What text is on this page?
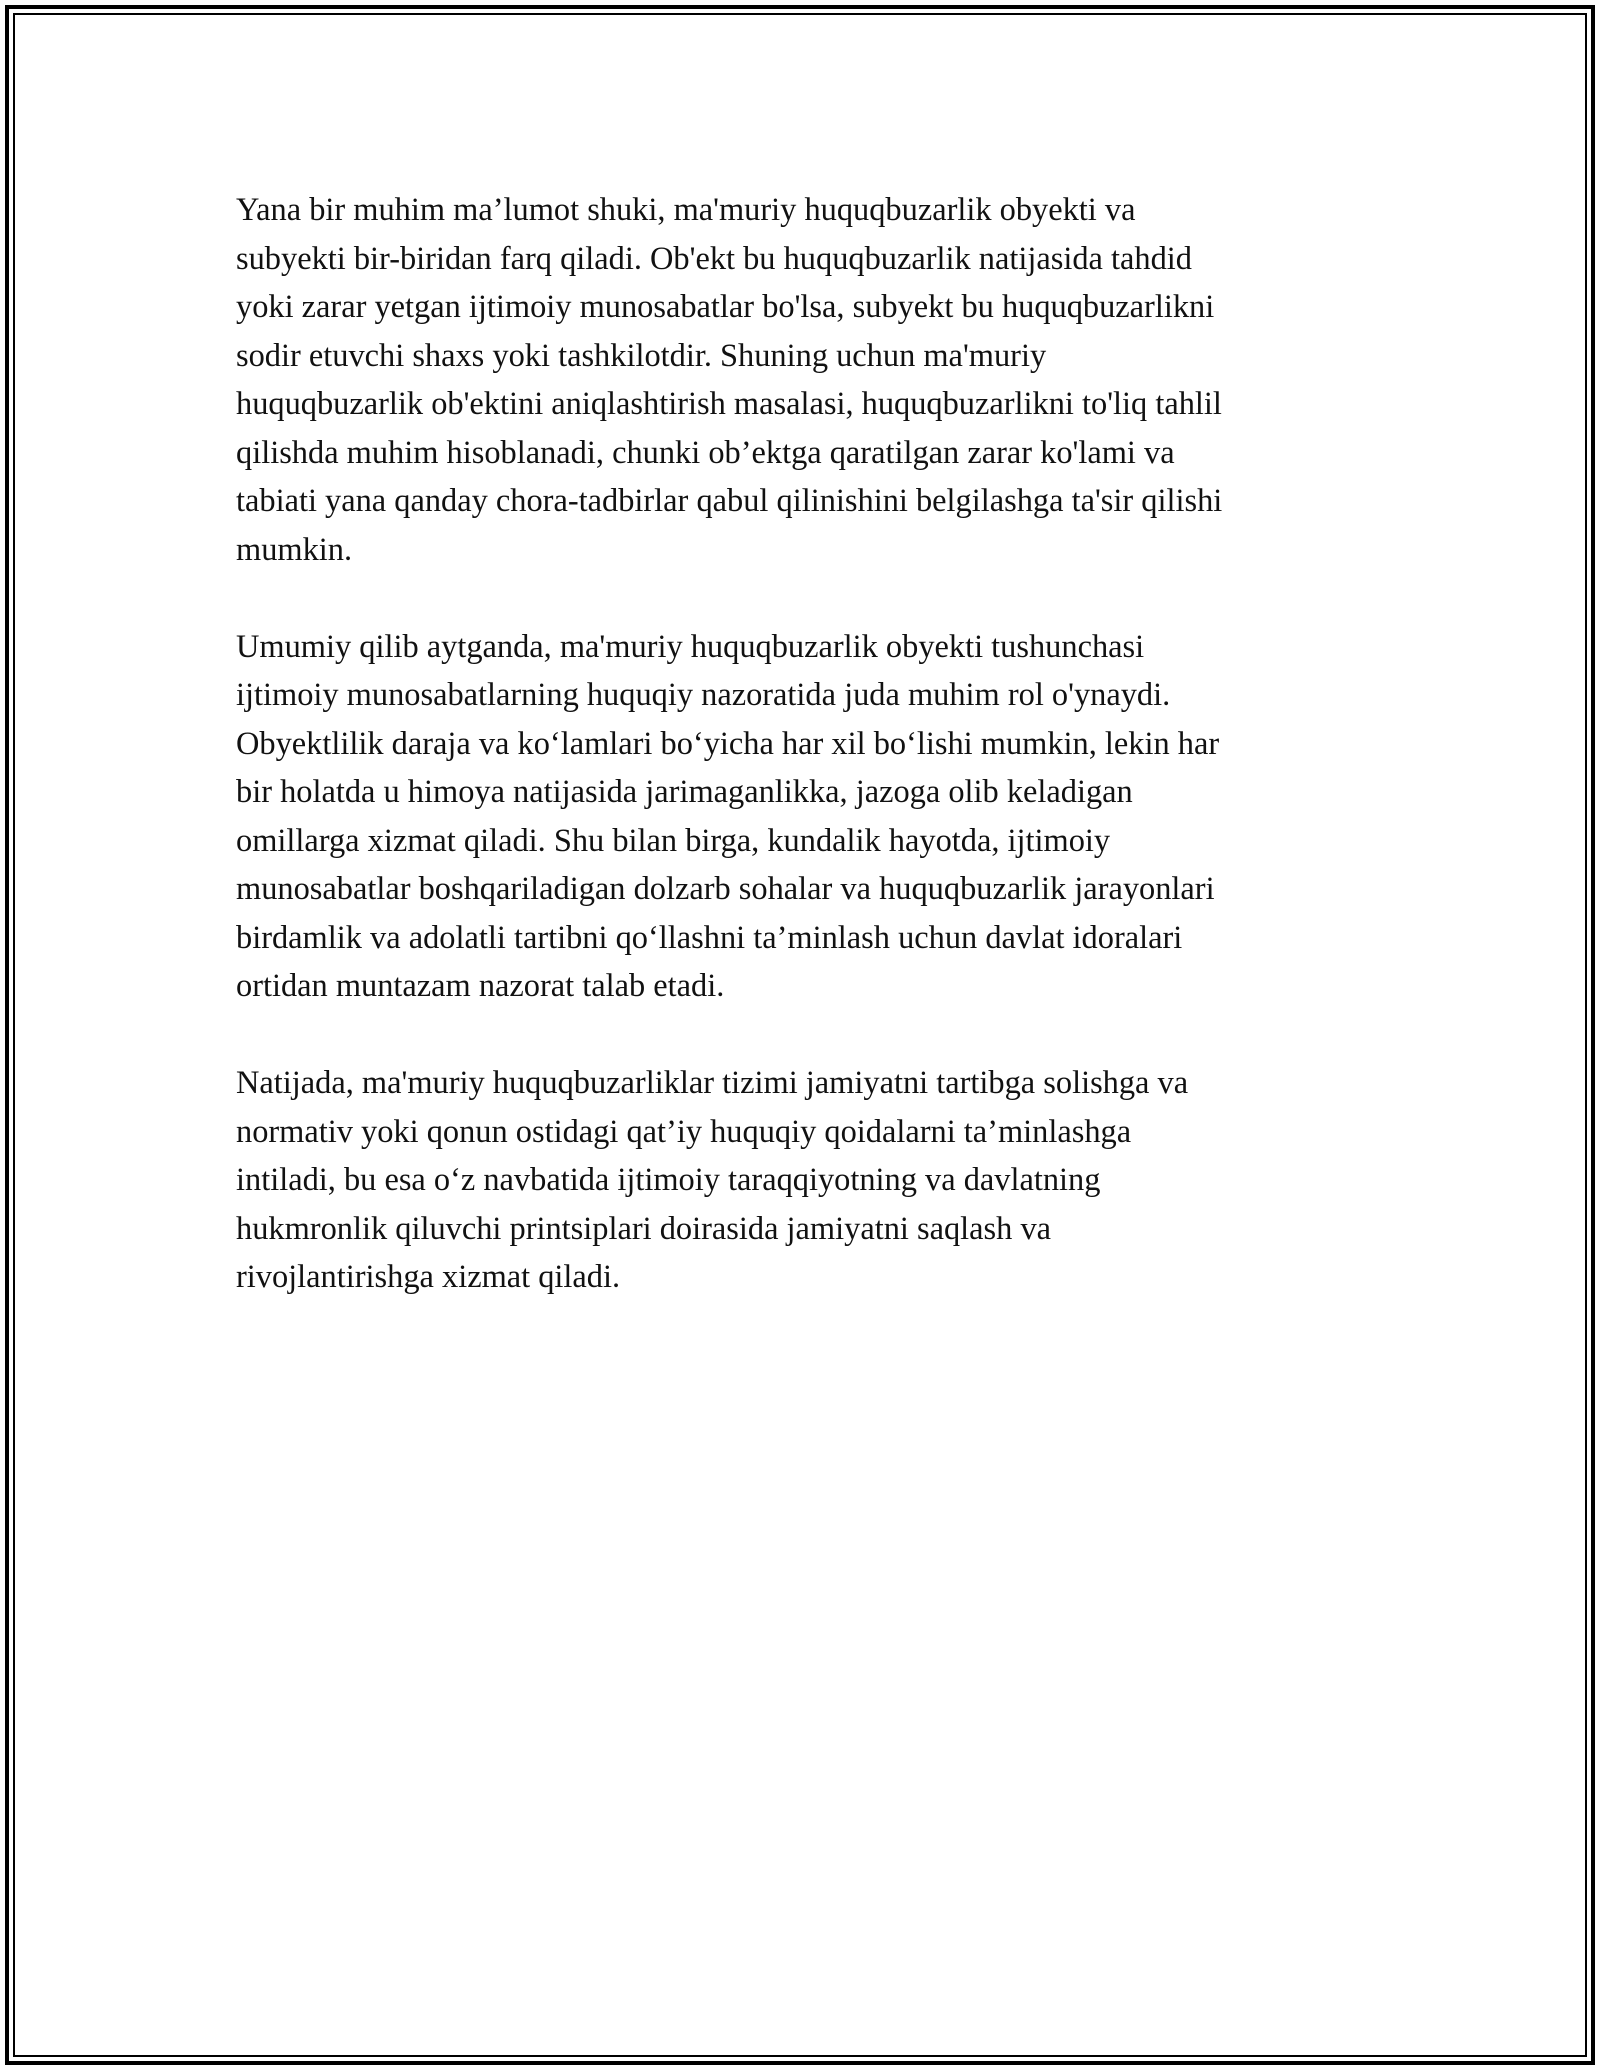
Yana bir muhim ma’lumot shuki, ma'muriy huquqbuzarlik obyekti va
subyekti bir-biridan farq qiladi. Ob'ekt bu huquqbuzarlik natijasida tahdid
yoki zarar yetgan ijtimoiy munosabatlar bo'lsa, subyekt bu huquqbuzarlikni
sodir etuvchi shaxs yoki tashkilotdir. Shuning uchun ma'muriy
huquqbuzarlik ob'ektini aniqlashtirish masalasi, huquqbuzarlikni to'liq tahlil
qilishda muhim hisoblanadi, chunki ob’ektga qaratilgan zarar ko'lami va
tabiati yana qanday chora-tadbirlar qabul qilinishini belgilashga ta'sir qilishi
mumkin.

Umumiy qilib aytganda, ma'muriy huquqbuzarlik obyekti tushunchasi
ijtimoiy munosabatlarning huquqiy nazoratida juda muhim rol o'ynaydi.
Obyektlilik daraja va ko‘lamlari bo‘yicha har xil bo‘lishi mumkin, lekin har
bir holatda u himoya natijasida jarimaganlikka, jazoga olib keladigan
omillarga xizmat qiladi. Shu bilan birga, kundalik hayotda, ijtimoiy
munosabatlar boshqariladigan dolzarb sohalar va huquqbuzarlik jarayonlari
birdamlik va adolatli tartibni qo‘llashni ta’minlash uchun davlat idoralari
ortidan muntazam nazorat talab etadi.

Natijada, ma'muriy huquqbuzarliklar tizimi jamiyatni tartibga solishga va
normativ yoki qonun ostidagi qat’iy huquqiy qoidalarni ta’minlashga
intiladi, bu esa o‘z navbatida ijtimoiy taraqqiyotning va davlatning
hukmronlik qiluvchi printsiplari doirasida jamiyatni saqlash va
rivojlantirishga xizmat qiladi.
